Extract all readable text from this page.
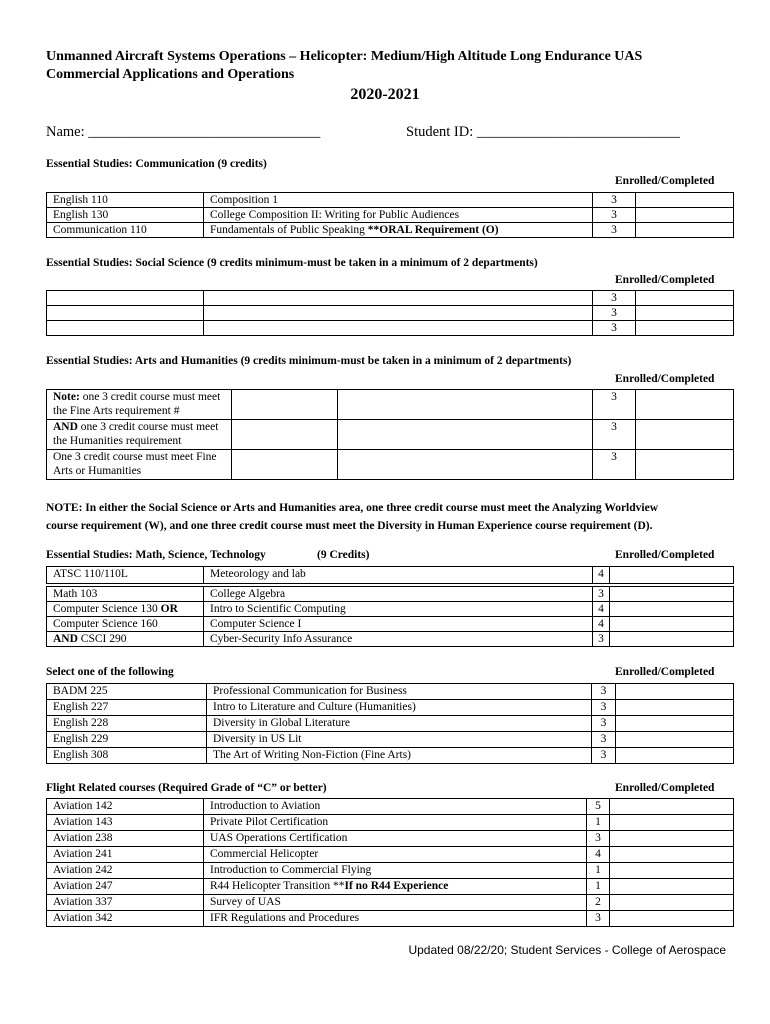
Unmanned Aircraft Systems Operations – Helicopter: Medium/High Altitude Long Endurance UAS
Commercial Applications and Operations
2020-2021
Name: ________________________________	Student ID: ____________________________
Essential Studies: Communication (9 credits)
Enrolled/Completed
English 110	Composition 1	3	
English 130	College Composition II: Writing for Public Audiences	3	
Communication 110	Fundamentals of Public Speaking **ORAL Requirement (O)	3	
Essential Studies: Social Science (9 credits minimum-must be taken in a minimum of 2 departments)
Enrolled/Completed
		3	
		3	
		3	
Essential Studies: Arts and Humanities (9 credits minimum-must be taken in a minimum of 2 departments)
Enrolled/Completed
Note: one 3 credit course must meet the Fine Arts requirement #			3	
AND one 3 credit course must meet the Humanities requirement			3	
One 3 credit course must meet Fine Arts or Humanities			3	
NOTE: In either the Social Science or Arts and Humanities area, one three credit course must meet the Analyzing Worldview
course requirement (W), and one three credit course must meet the Diversity in Human Experience course requirement (D).
Essential Studies: Math, Science, Technology	(9 Credits)	Enrolled/Completed
ATSC 110/110L	Meteorology and lab	4	
Math 103	College Algebra	3	
Computer Science 130 OR	Intro to Scientific Computing	4	
Computer Science 160	Computer Science I	4	
AND CSCI 290	Cyber-Security Info Assurance	3	
Select one of the following	Enrolled/Completed
BADM 225	Professional Communication for Business	3	
English 227	Intro to Literature and Culture (Humanities)	3	
English 228	Diversity in Global Literature	3	
English 229	Diversity in US Lit	3	
English 308	The Art of Writing Non-Fiction (Fine Arts)	3	
Flight Related courses (Required Grade of “C” or better)	Enrolled/Completed
Aviation 142	Introduction to Aviation	5	
Aviation 143	Private Pilot Certification	1	
Aviation 238	UAS Operations Certification	3	
Aviation 241	Commercial Helicopter	4	
Aviation 242	Introduction to Commercial Flying	1	
Aviation 247	R44 Helicopter Transition **If no R44 Experience	1	
Aviation 337	Survey of UAS	2	
Aviation 342	IFR Regulations and Procedures	3	
Updated 08/22/20; Student Services - College of Aerospace
